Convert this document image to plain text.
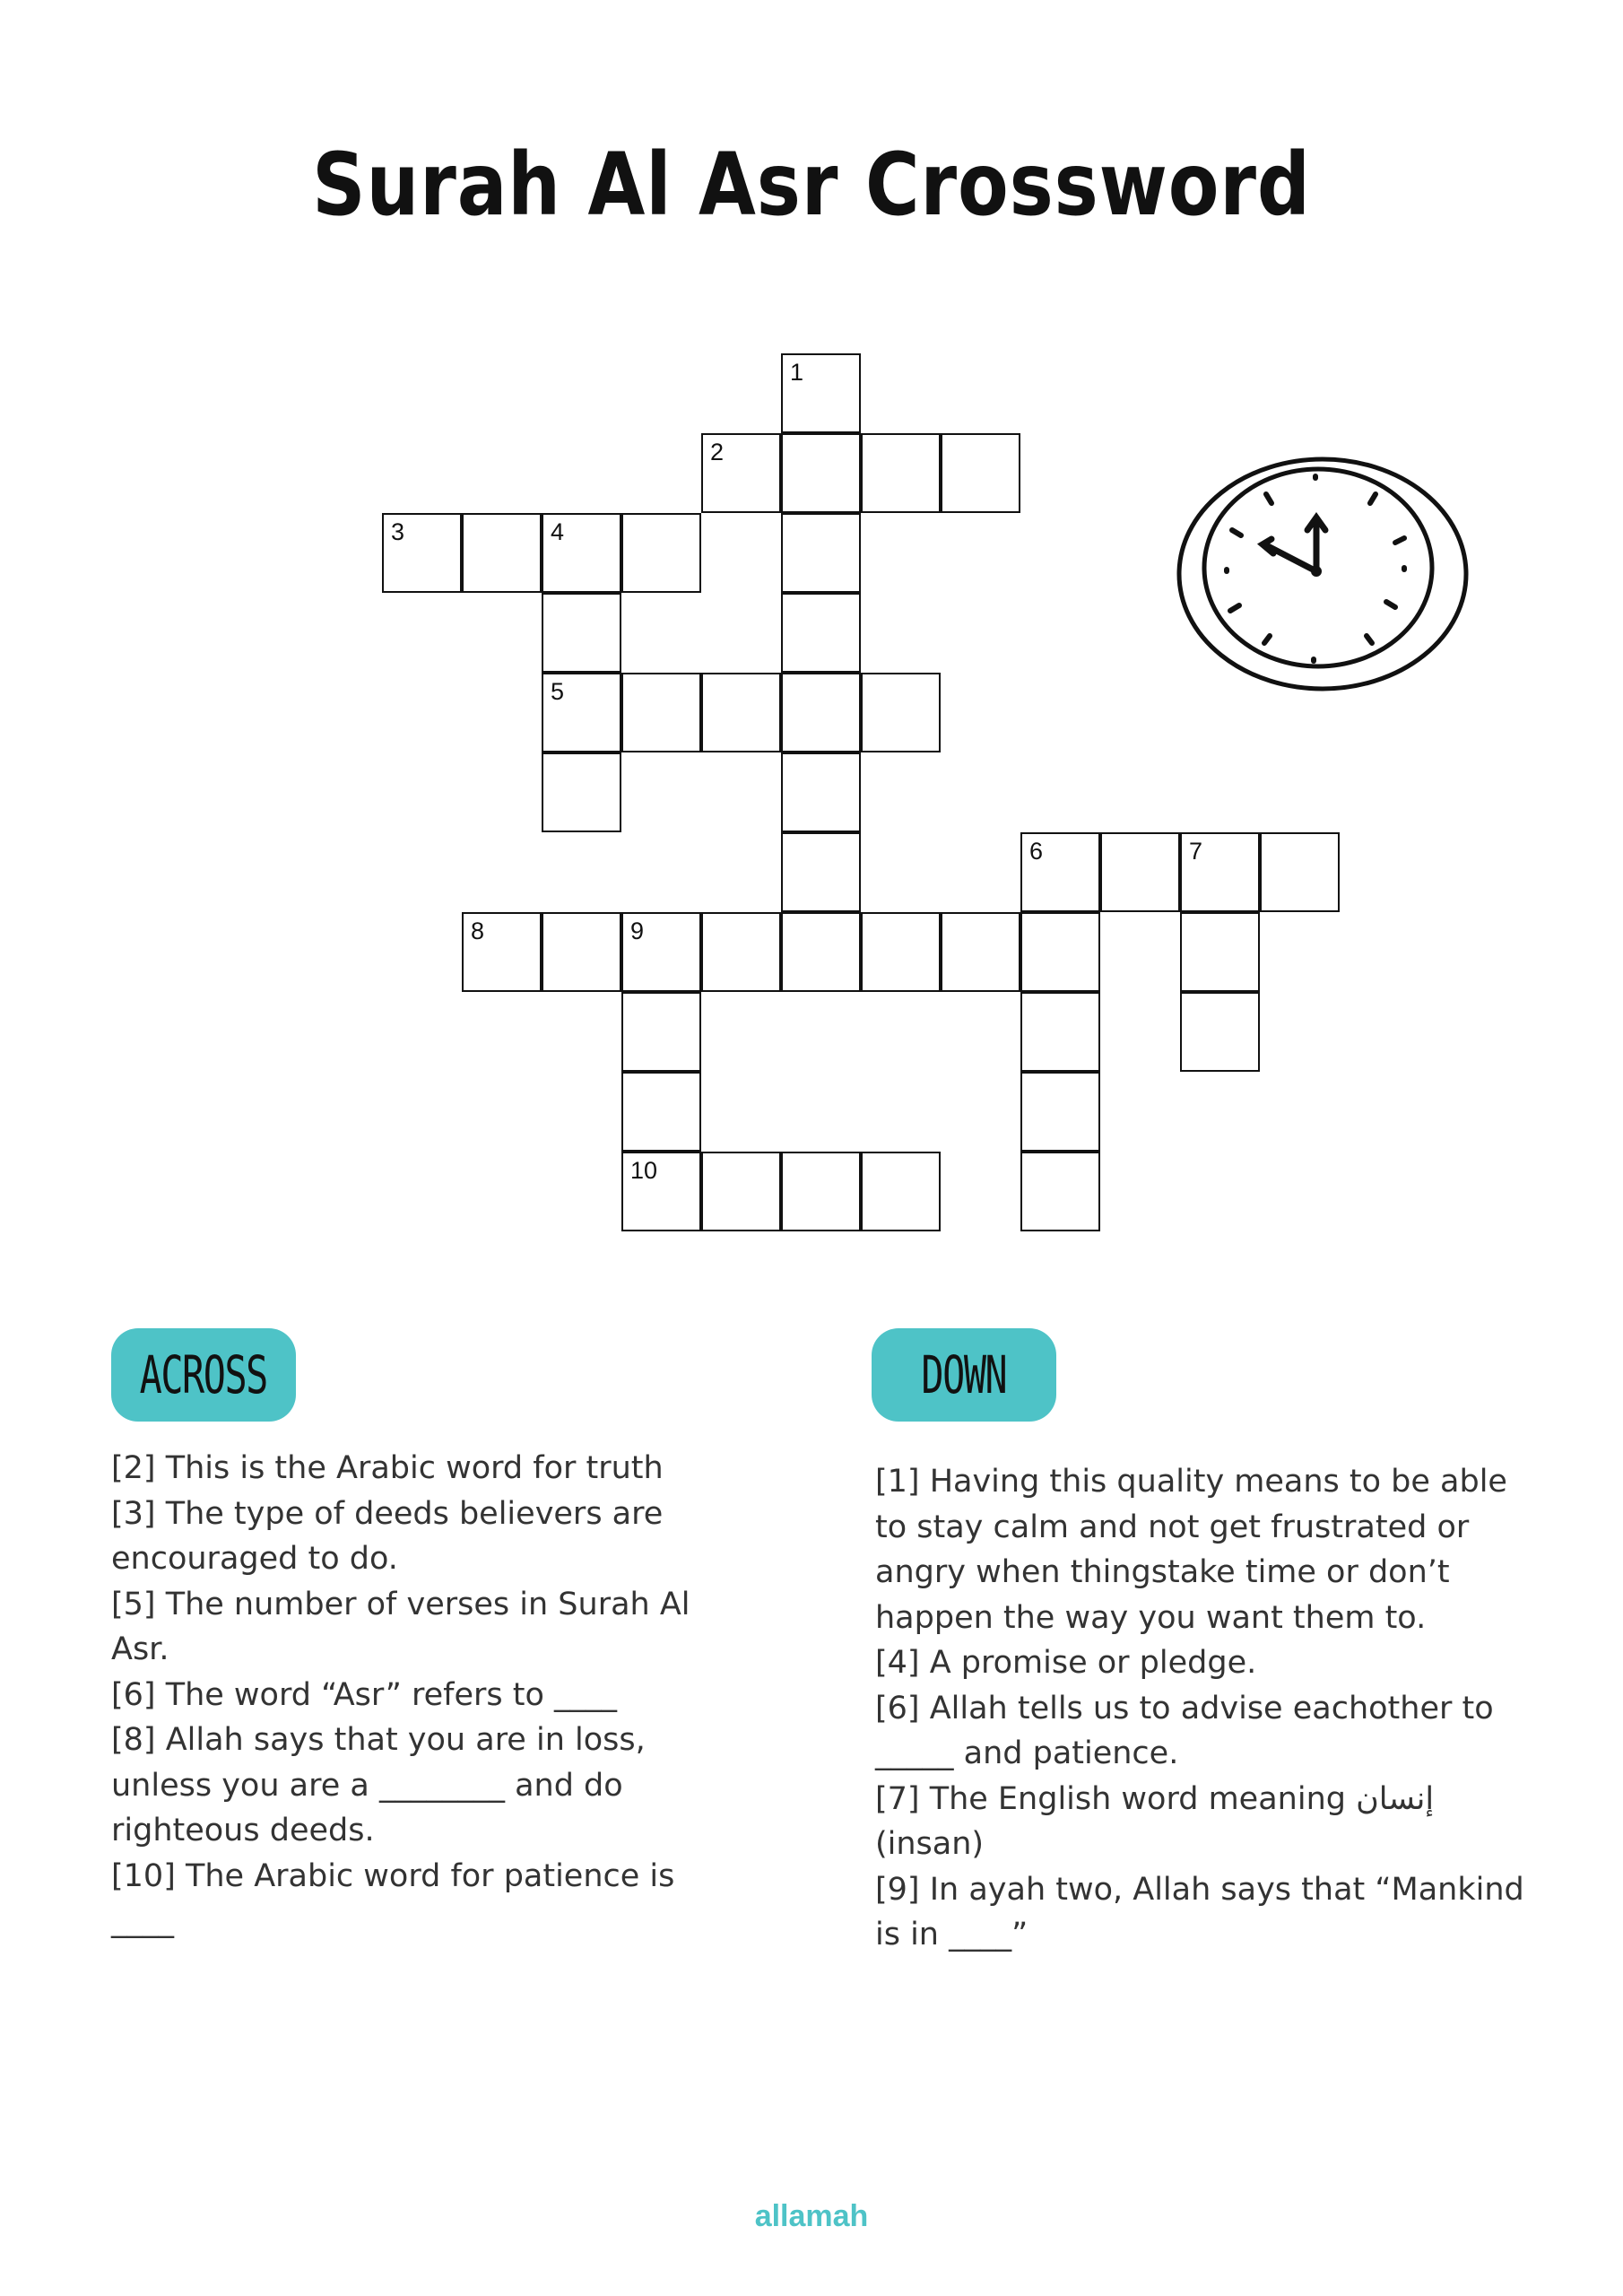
Surah Al Asr Crossword
1
2
3	4
5
6	7
8	9
10
ACROSS	DOWN

[2] This is the Arabic word for truth

[3] The type of deeds believers are encouraged to do.

[5] The number of verses in Surah Al Asr.

[6] The word “Asr” refers to ____

[8] Allah says that you are in loss, unless you are a ________ and do righteous deeds.

[10] The Arabic word for patience is ____

[1] Having this quality means to be able to stay calm and not get frustrated or angry when thingstake time or don’t happen the way you want them to.

[4] A promise or pledge.

[6] Allah tells us to advise eachother to _____ and patience.

[7] The English word meaning إنسان (insan)

[9] In ayah two, Allah says that “Mankind is in ____”

allamah
